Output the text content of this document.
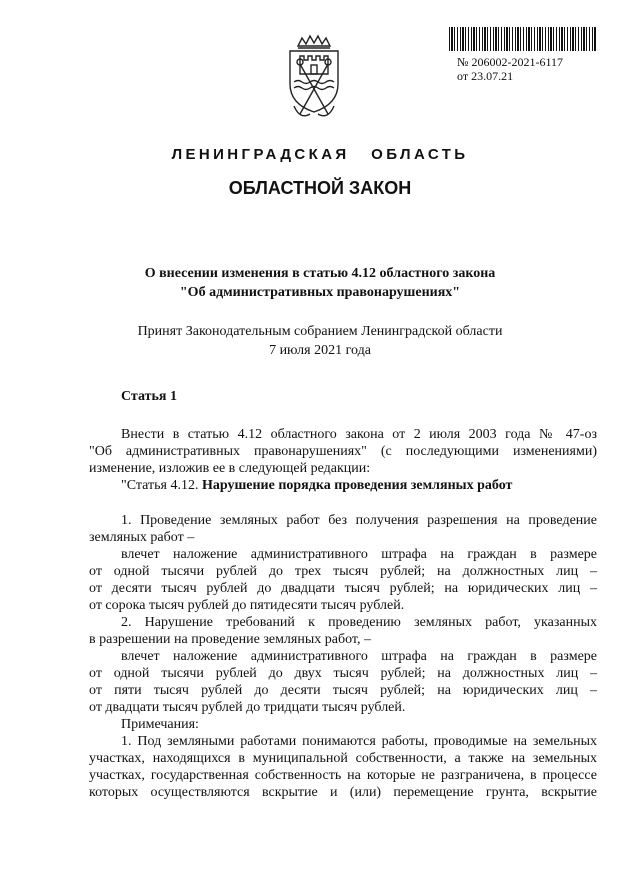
№ 206002-2021-6117
от 23.07.21
ЛЕНИНГРАДСКАЯ ОБЛАСТЬ
ОБЛАСТНОЙ ЗАКОН
О внесении изменения в статью 4.12 областного закона
"Об административных правонарушениях"
Принят Законодательным собранием Ленинградской области
7 июля 2021 года
Статья 1
Внести в статью 4.12 областного закона от 2 июля 2003 года № 47-оз
"Об административных правонарушениях" (с последующими изменениями)
изменение, изложив ее в следующей редакции:
"Статья 4.12. Нарушение порядка проведения земляных работ
1. Проведение земляных работ без получения разрешения на проведение
земляных работ –
влечет наложение административного штрафа на граждан в размере
от одной тысячи рублей до трех тысяч рублей; на должностных лиц –
от десяти тысяч рублей до двадцати тысяч рублей; на юридических лиц –
от сорока тысяч рублей до пятидесяти тысяч рублей.
2. Нарушение требований к проведению земляных работ, указанных
в разрешении на проведение земляных работ, –
влечет наложение административного штрафа на граждан в размере
от одной тысячи рублей до двух тысяч рублей; на должностных лиц –
от пяти тысяч рублей до десяти тысяч рублей; на юридических лиц –
от двадцати тысяч рублей до тридцати тысяч рублей.
Примечания:
1. Под земляными работами понимаются работы, проводимые на земельных
участках, находящихся в муниципальной собственности, а также на земельных
участках, государственная собственность на которые не разграничена, в процессе
которых осуществляются вскрытие и (или) перемещение грунта, вскрытие
